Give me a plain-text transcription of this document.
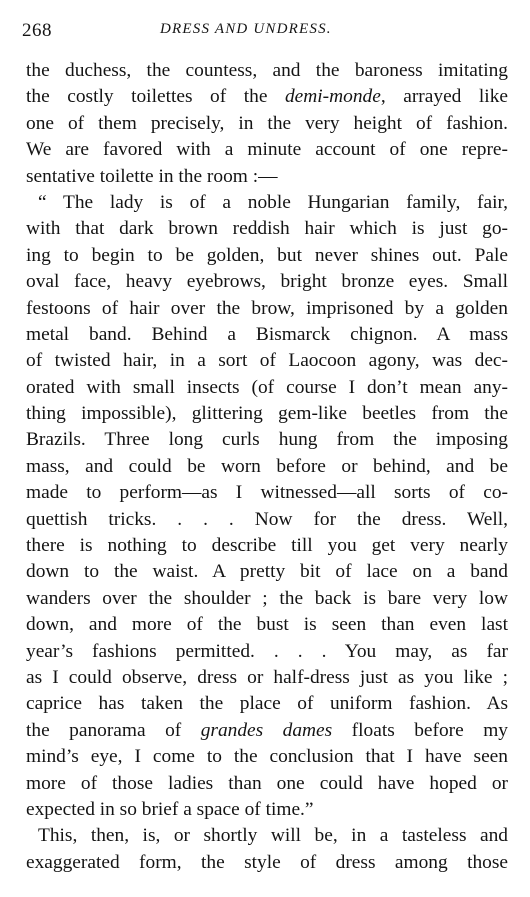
268	DRESS AND UNDRESS.
the duchess, the countess, and the baroness imitating
the costly toilettes of the demi-monde, arrayed like
one of them precisely, in the very height of fashion.
We are favored with a minute account of one repre-
sentative toilette in the room :—
“ The lady is of a noble Hungarian family, fair,
with that dark brown reddish hair which is just go-
ing to begin to be golden, but never shines out. Pale
oval face, heavy eyebrows, bright bronze eyes. Small
festoons of hair over the brow, imprisoned by a golden
metal band. Behind a Bismarck chignon. A mass
of twisted hair, in a sort of Laocoon agony, was dec-
orated with small insects (of course I don’t mean any-
thing impossible), glittering gem-like beetles from the
Brazils. Three long curls hung from the imposing
mass, and could be worn before or behind, and be
made to perform—as I witnessed—all sorts of co-
quettish tricks. . . . Now for the dress. Well,
there is nothing to describe till you get very nearly
down to the waist. A pretty bit of lace on a band
wanders over the shoulder ; the back is bare very low
down, and more of the bust is seen than even last
year’s fashions permitted. . . . You may, as far
as I could observe, dress or half-dress just as you like ;
caprice has taken the place of uniform fashion. As
the panorama of grandes dames floats before my
mind’s eye, I come to the conclusion that I have seen
more of those ladies than one could have hoped or
expected in so brief a space of time.”
This, then, is, or shortly will be, in a tasteless and
exaggerated form, the style of dress among those
